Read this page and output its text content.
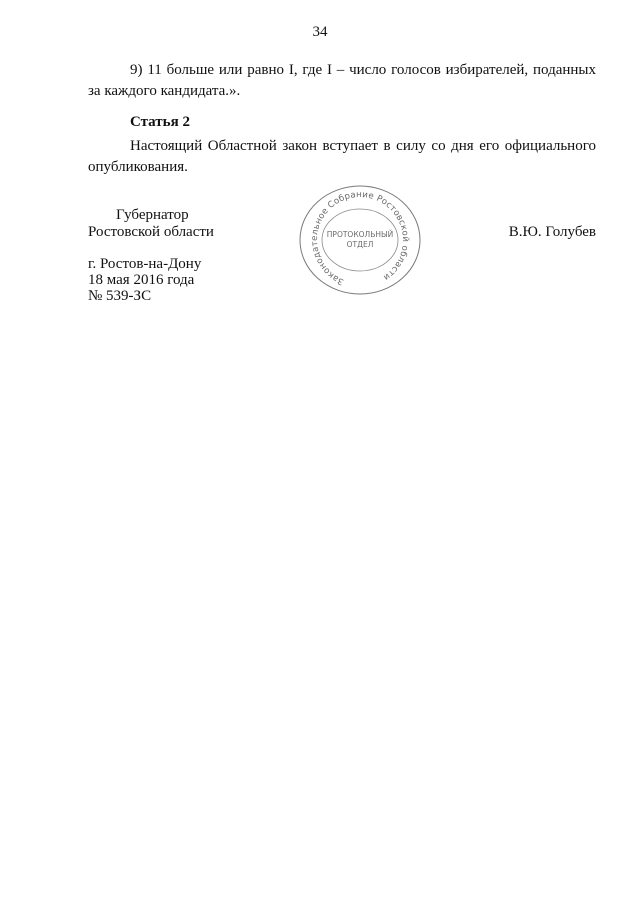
34
9) 11 больше или равно I, где I – число голосов избирателей, поданных за каждого кандидата.».
Статья 2
Настоящий Областной закон вступает в силу со дня его официального опубликования.
Губернатор
Ростовской области	В.Ю. Голубев
г. Ростов-на-Дону
18 мая 2016 года
№ 539-ЗС
Законодательное Собрание Ростовской области
ПРОТОКОЛЬНЫЙ
ОТДЕЛ
